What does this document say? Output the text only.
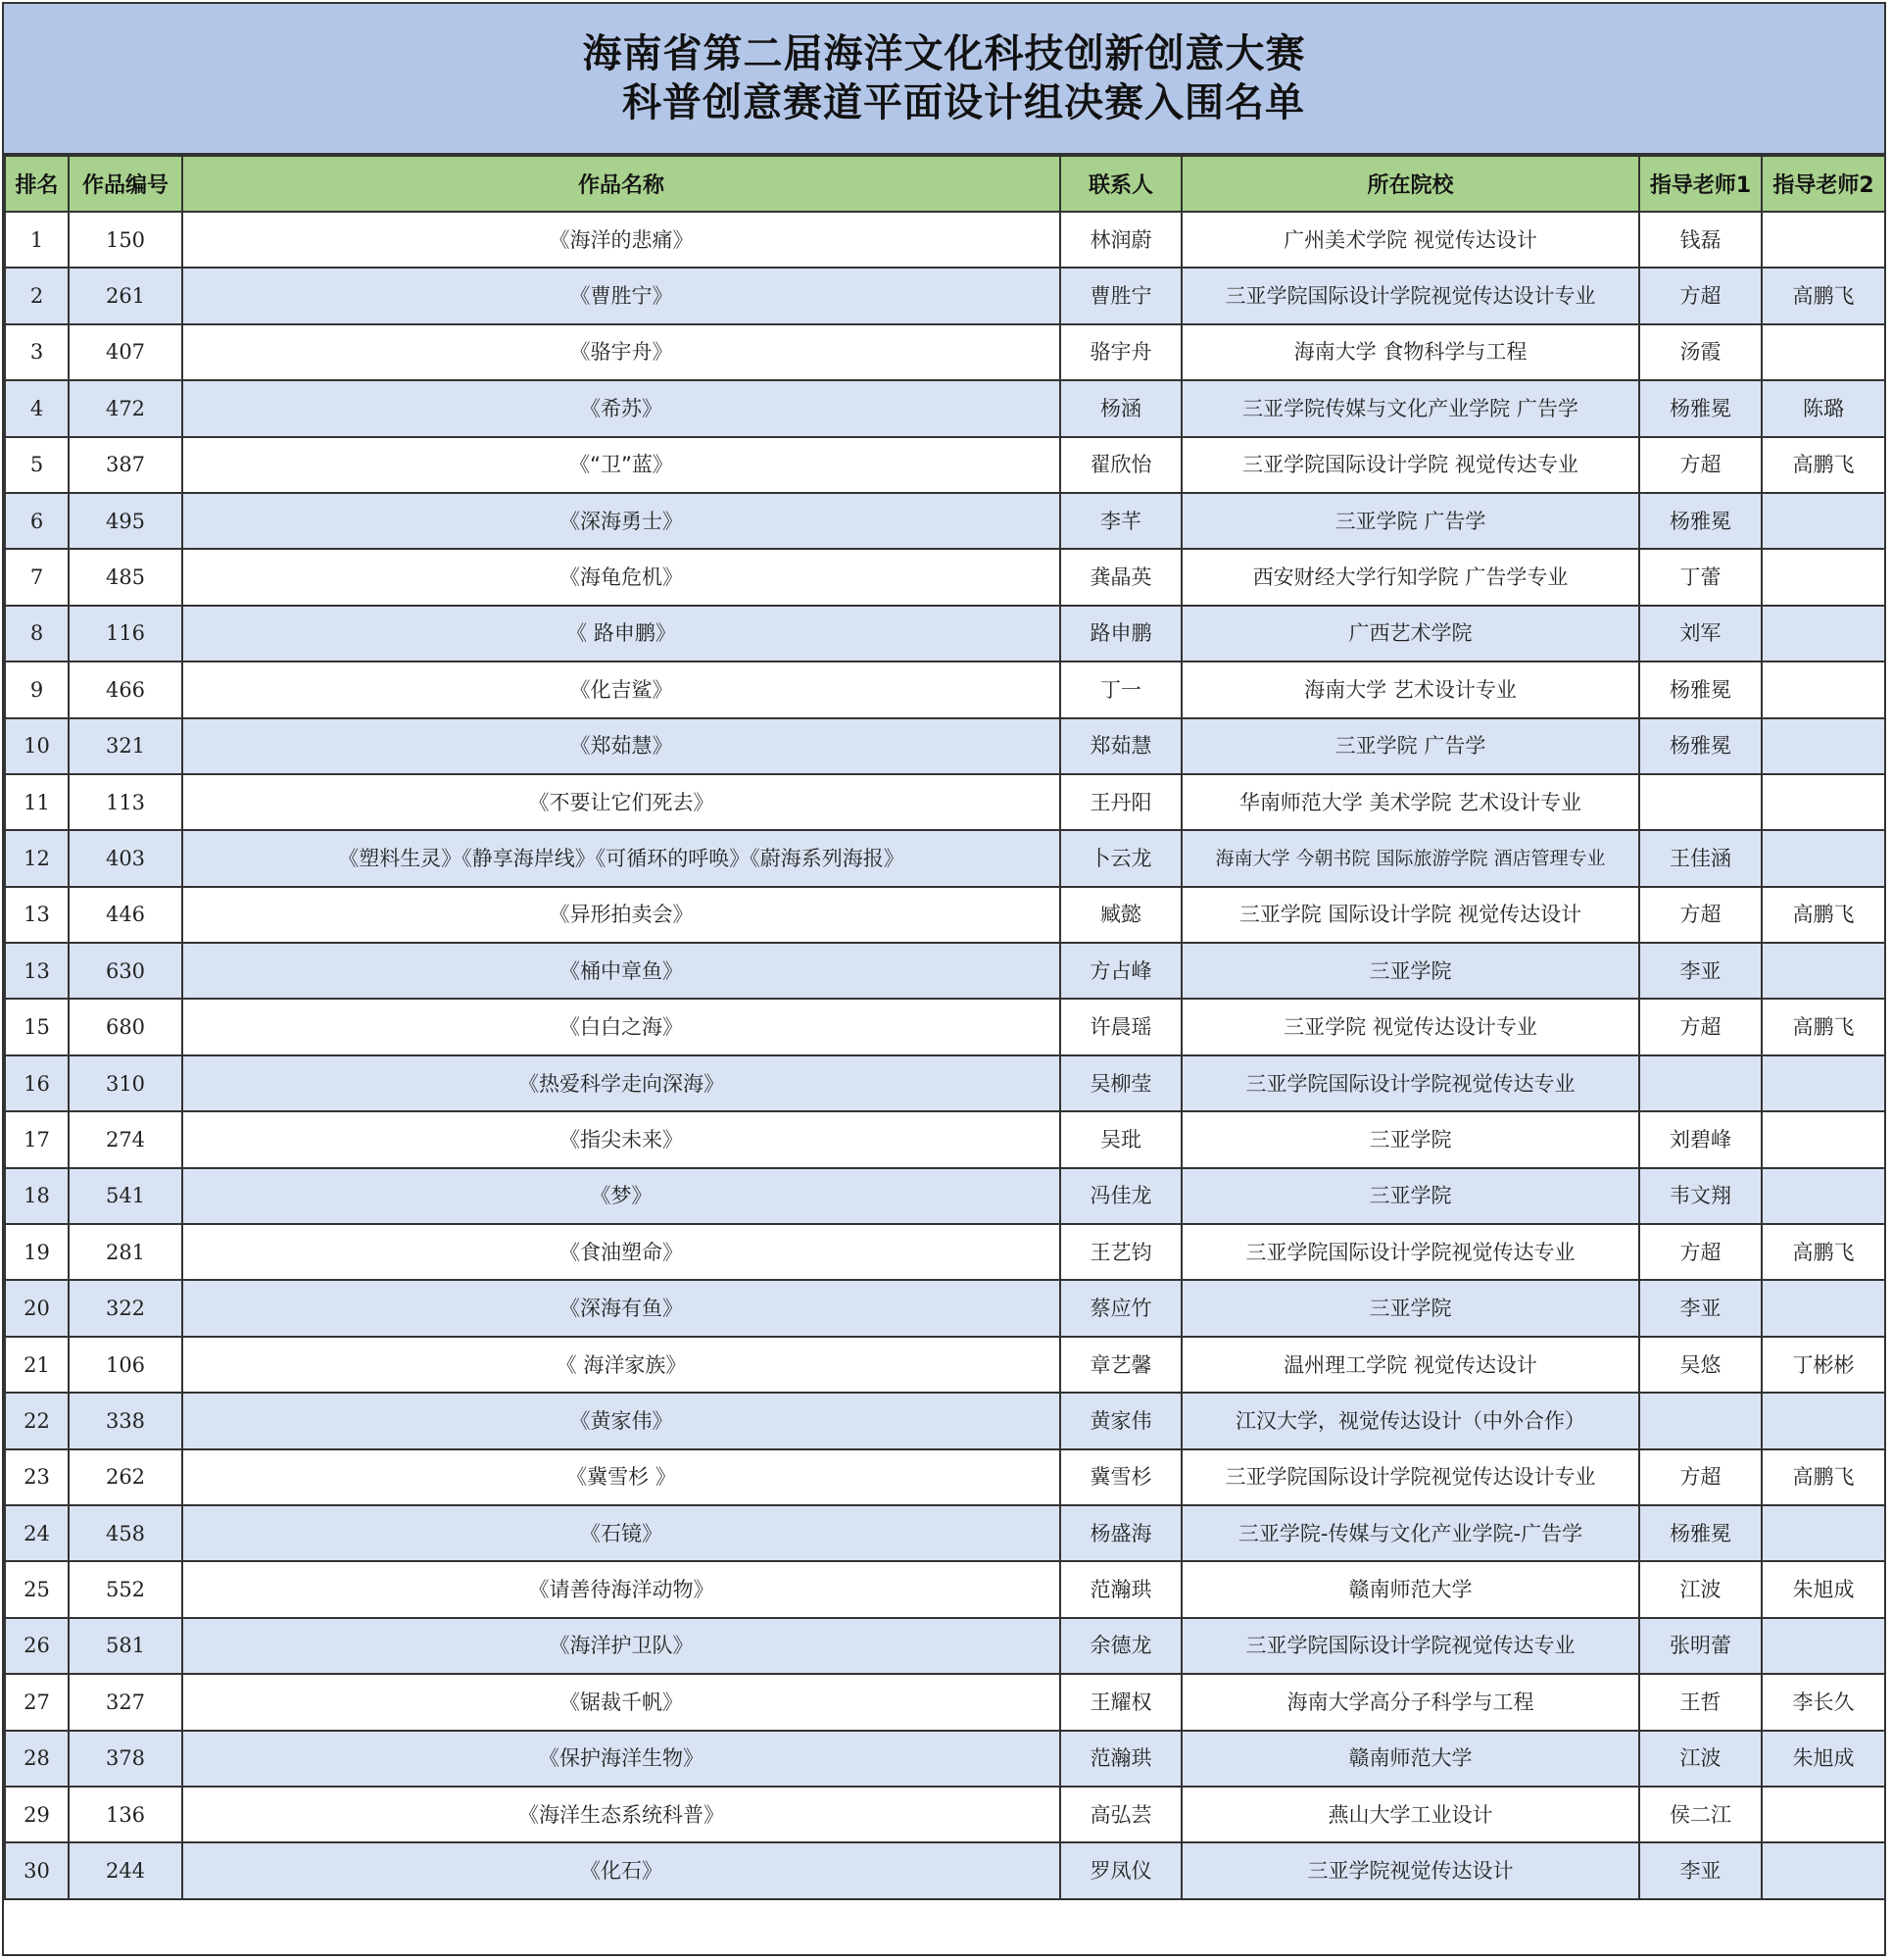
海南省第二届海洋文化科技创新创意大赛
科普创意赛道平面设计组决赛入围名单
排名	作品编号	作品名称	联系人	所在院校	指导老师1	指导老师2
1	150	《海洋的悲痛》	林润蔚	广州美术学院 视觉传达设计	钱磊	
2	261	《曹胜宁》	曹胜宁	三亚学院国际设计学院视觉传达设计专业	方超	高鹏飞
3	407	《骆宇舟》	骆宇舟	海南大学 食物科学与工程	汤霞	
4	472	《希苏》	杨涵	三亚学院传媒与文化产业学院 广告学	杨雅冕	陈璐
5	387	《“卫”蓝》	翟欣怡	三亚学院国际设计学院 视觉传达专业	方超	高鹏飞
6	495	《深海勇士》	李芊	三亚学院 广告学	杨雅冕	
7	485	《海龟危机》	龚晶英	西安财经大学行知学院 广告学专业	丁蕾	
8	116	《 路申鹏》	路申鹏	广西艺术学院	刘军	
9	466	《化吉鲨》	丁一	海南大学 艺术设计专业	杨雅冕	
10	321	《郑茹慧》	郑茹慧	三亚学院 广告学	杨雅冕	
11	113	《不要让它们死去》	王丹阳	华南师范大学 美术学院 艺术设计专业		
12	403	《塑料生灵》《静享海岸线》《可循环的呼唤》《蔚海系列海报》	卜云龙	海南大学 今朝书院 国际旅游学院 酒店管理专业	王佳涵	
13	446	《异形拍卖会》	臧懿	三亚学院 国际设计学院 视觉传达设计	方超	高鹏飞
13	630	《桶中章鱼》	方占峰	三亚学院	李亚	
15	680	《白白之海》	许晨瑶	三亚学院 视觉传达设计专业	方超	高鹏飞
16	310	《热爱科学走向深海》	吴柳莹	三亚学院国际设计学院视觉传达专业		
17	274	《指尖未来》	吴玭	三亚学院	刘碧峰	
18	541	《梦》	冯佳龙	三亚学院	韦文翔	
19	281	《食油塑命》	王艺钧	三亚学院国际设计学院视觉传达专业	方超	高鹏飞
20	322	《深海有鱼》	蔡应竹	三亚学院	李亚	
21	106	《 海洋家族》	章艺馨	温州理工学院 视觉传达设计	吴悠	丁彬彬
22	338	《黄家伟》	黄家伟	江汉大学，视觉传达设计（中外合作）		
23	262	《冀雪杉 》	冀雪杉	三亚学院国际设计学院视觉传达设计专业	方超	高鹏飞
24	458	《石镜》	杨盛海	三亚学院-传媒与文化产业学院-广告学	杨雅冕	
25	552	《请善待海洋动物》	范瀚珙	赣南师范大学	江波	朱旭成
26	581	《海洋护卫队》	余德龙	三亚学院国际设计学院视觉传达专业	张明蕾	
27	327	《锯裁千帆》	王耀权	海南大学高分子科学与工程	王哲	李长久
28	378	《保护海洋生物》	范瀚珙	赣南师范大学	江波	朱旭成
29	136	《海洋生态系统科普》	高弘芸	燕山大学工业设计	侯二江	
30	244	《化石》	罗凤仪	三亚学院视觉传达设计	李亚	
